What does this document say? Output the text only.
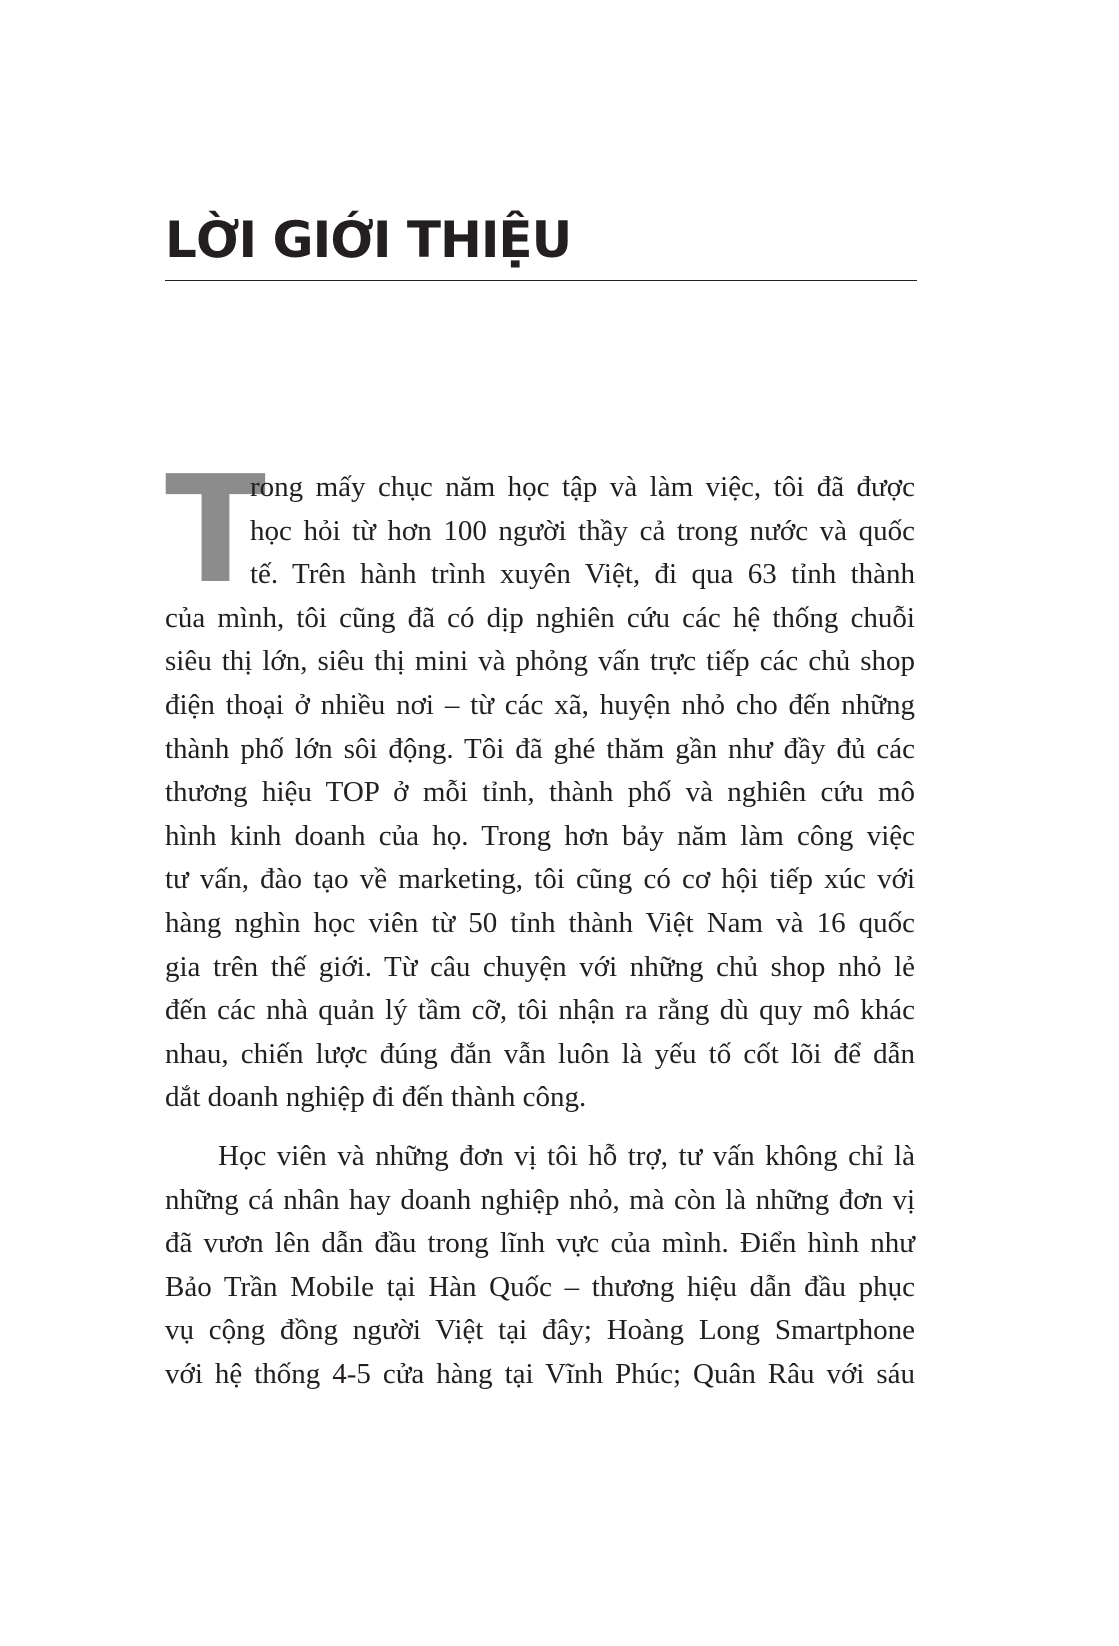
LỜI GIỚI THIỆU
T
rong mấy chục năm học tập và làm việc, tôi đã được
học hỏi từ hơn 100 người thầy cả trong nước và quốc
tế. Trên hành trình xuyên Việt, đi qua 63 tỉnh thành
của mình, tôi cũng đã có dịp nghiên cứu các hệ thống chuỗi
siêu thị lớn, siêu thị mini và phỏng vấn trực tiếp các chủ shop
điện thoại ở nhiều nơi – từ các xã, huyện nhỏ cho đến những
thành phố lớn sôi động. Tôi đã ghé thăm gần như đầy đủ các
thương hiệu TOP ở mỗi tỉnh, thành phố và nghiên cứu mô
hình kinh doanh của họ. Trong hơn bảy năm làm công việc
tư vấn, đào tạo về marketing, tôi cũng có cơ hội tiếp xúc với
hàng nghìn học viên từ 50 tỉnh thành Việt Nam và 16 quốc
gia trên thế giới. Từ câu chuyện với những chủ shop nhỏ lẻ
đến các nhà quản lý tầm cỡ, tôi nhận ra rằng dù quy mô khác
nhau, chiến lược đúng đắn vẫn luôn là yếu tố cốt lõi để dẫn
dắt doanh nghiệp đi đến thành công.
Học viên và những đơn vị tôi hỗ trợ, tư vấn không chỉ là
những cá nhân hay doanh nghiệp nhỏ, mà còn là những đơn vị
đã vươn lên dẫn đầu trong lĩnh vực của mình. Điển hình như
Bảo Trần Mobile tại Hàn Quốc – thương hiệu dẫn đầu phục
vụ cộng đồng người Việt tại đây; Hoàng Long Smartphone
với hệ thống 4-5 cửa hàng tại Vĩnh Phúc; Quân Râu với sáu
